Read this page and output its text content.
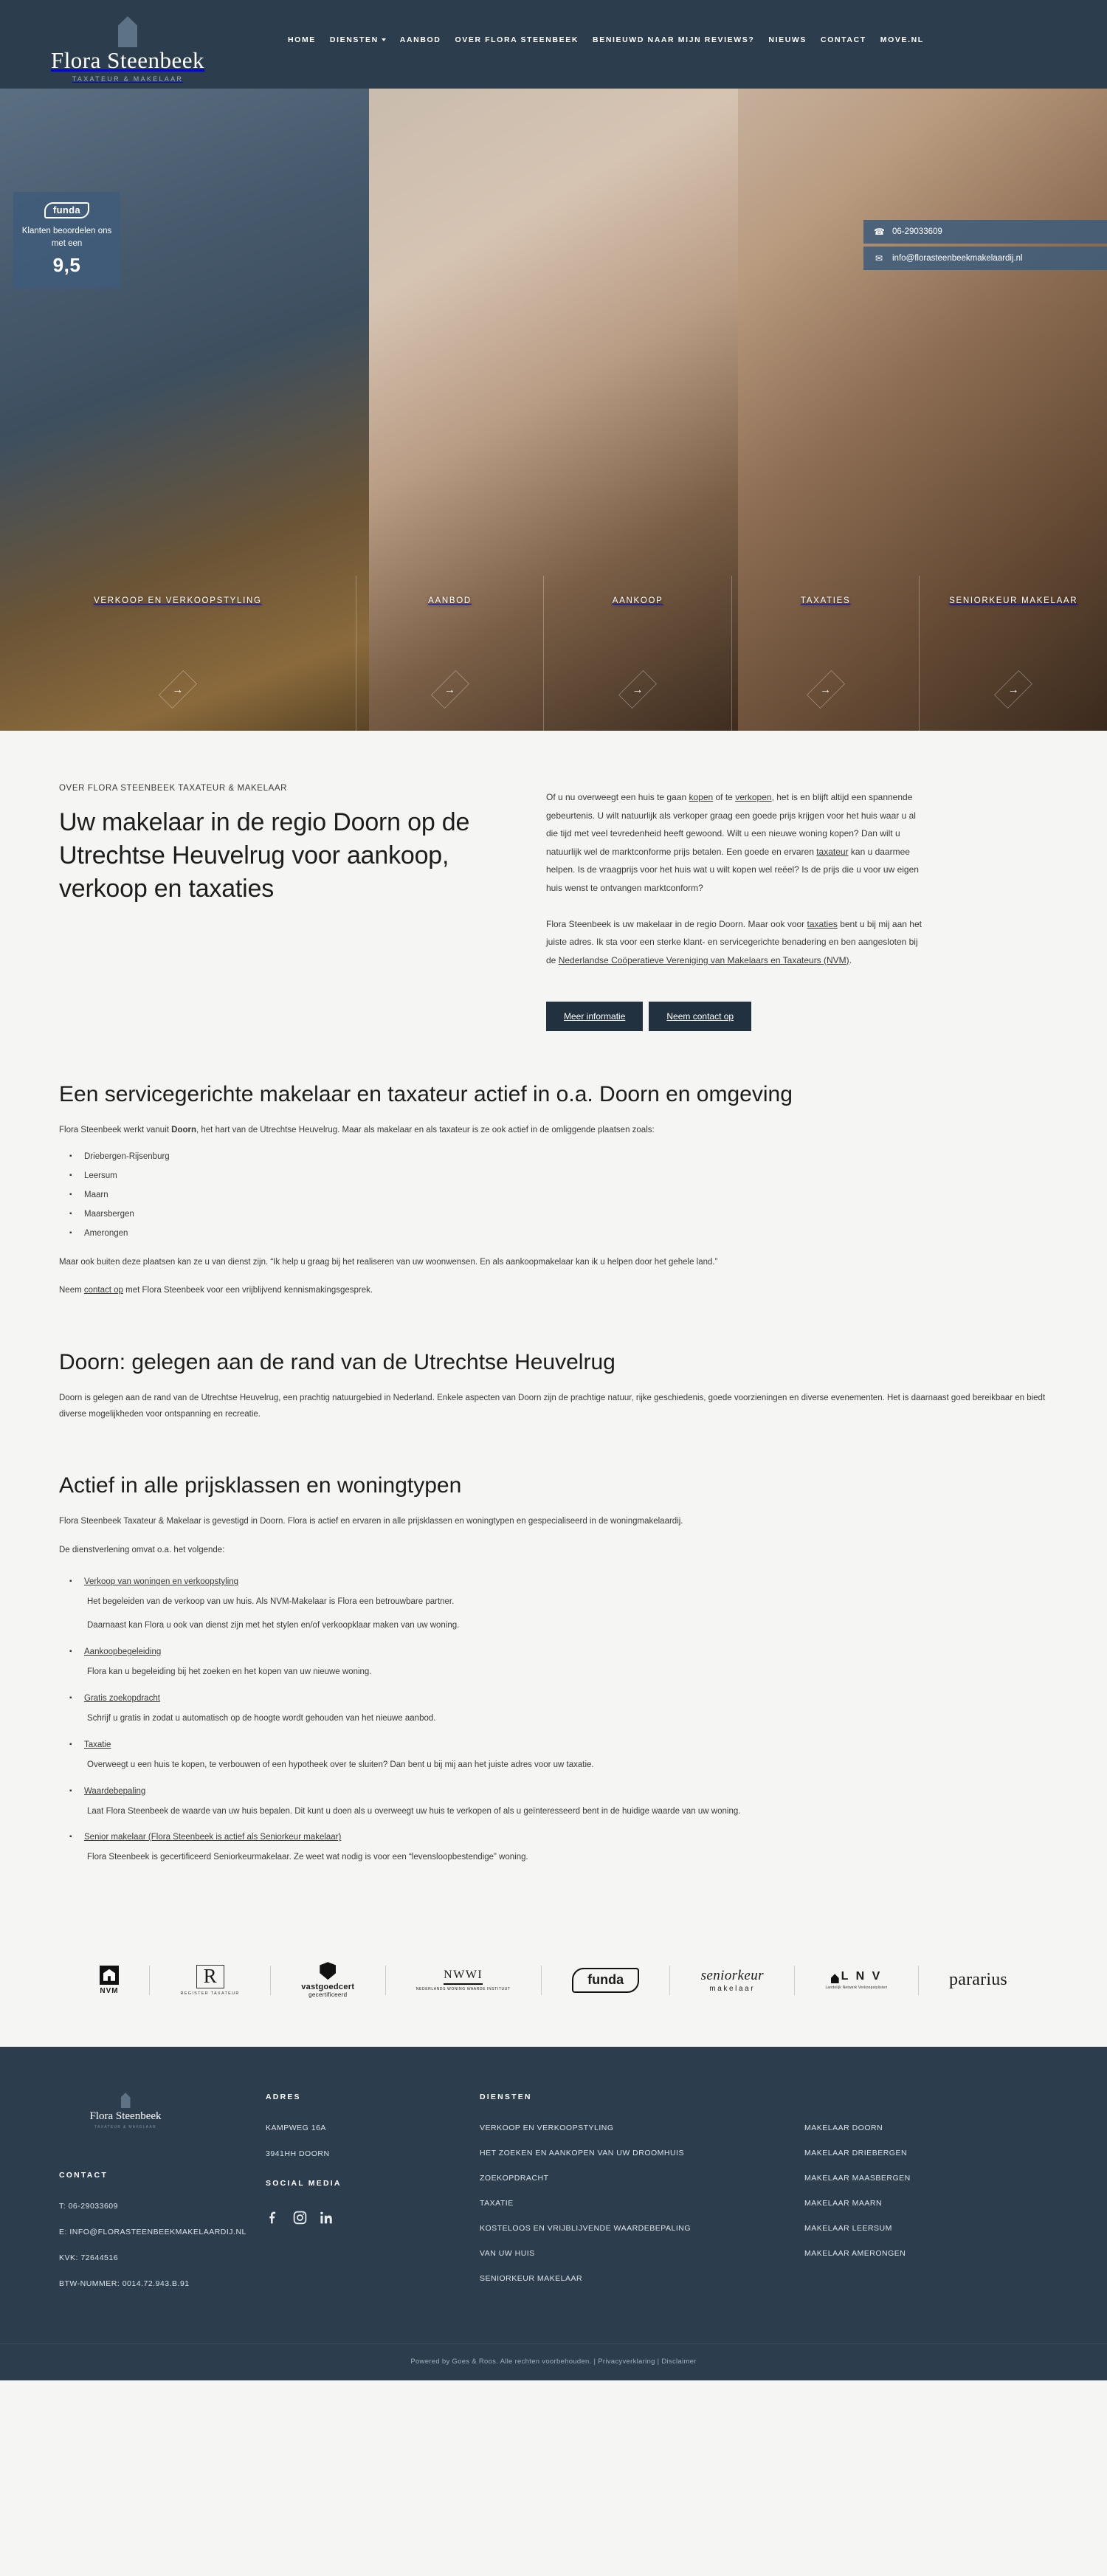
Flora Steenbeek
TAXATEUR & MAKELAAR
HOME DIENSTEN	AANBOD OVER FLORA STEENBEEK BENIEUWD NAAR MIJN REVIEWS? NIEUWS CONTACT MOVE.NL
funda
Klanten beoordelen ons met een
9,5
☎ 06-29033609
✉ info@florasteenbeekmakelaardij.nl
VERKOOP EN VERKOOPSTYLING
→
AANBOD
→
AANKOOP
→
TAXATIES
→
SENIORKEUR MAKELAAR
→
OVER FLORA STEENBEEK TAXATEUR & MAKELAAR
Uw makelaar in de regio Doorn op de Utrechtse Heuvelrug voor aankoop, verkoop en taxaties

Of u nu overweegt een huis te gaan kopen of te verkopen, het is en blijft altijd een spannende gebeurtenis. U wilt natuurlijk als verkoper graag een goede prijs krijgen voor het huis waar u al die tijd met veel tevredenheid heeft gewoond. Wilt u een nieuwe woning kopen? Dan wilt u natuurlijk wel de marktconforme prijs betalen. Een goede en ervaren taxateur kan u daarmee helpen. Is de vraagprijs voor het huis wat u wilt kopen wel reëel? Is de prijs die u voor uw eigen huis wenst te ontvangen marktconform?

Flora Steenbeek is uw makelaar in de regio Doorn. Maar ook voor taxaties bent u bij mij aan het juiste adres. Ik sta voor een sterke klant- en servicegerichte benadering en ben aangesloten bij de Nederlandse Coöperatieve Vereniging van Makelaars en Taxateurs (NVM).

Meer informatie	Neem contact op
Een servicegerichte makelaar en taxateur actief in o.a. Doorn en omgeving

Flora Steenbeek werkt vanuit Doorn, het hart van de Utrechtse Heuvelrug. Maar als makelaar en als taxateur is ze ook actief in de omliggende plaatsen zoals:

▪ Driebergen-Rijsenburg
▪ Leersum
▪ Maarn
▪ Maarsbergen
▪ Amerongen

Maar ook buiten deze plaatsen kan ze u van dienst zijn. “Ik help u graag bij het realiseren van uw woonwensen. En als aankoopmakelaar kan ik u helpen door het gehele land.”

Neem contact op met Flora Steenbeek voor een vrijblijvend kennismakingsgesprek.

Doorn: gelegen aan de rand van de Utrechtse Heuvelrug

Doorn is gelegen aan de rand van de Utrechtse Heuvelrug, een prachtig natuurgebied in Nederland. Enkele aspecten van Doorn zijn de prachtige natuur, rijke geschiedenis, goede voorzieningen en diverse evenementen. Het is daarnaast goed bereikbaar en biedt diverse mogelijkheden voor ontspanning en recreatie.

Actief in alle prijsklassen en woningtypen

Flora Steenbeek Taxateur & Makelaar is gevestigd in Doorn. Flora is actief en ervaren in alle prijsklassen en woningtypen en gespecialiseerd in de woningmakelaardij.

De dienstverlening omvat o.a. het volgende:

▪ Verkoop van woningen en verkoopstyling
Het begeleiden van de verkoop van uw huis. Als NVM-Makelaar is Flora een betrouwbare partner.
Daarnaast kan Flora u ook van dienst zijn met het stylen en/of verkoopklaar maken van uw woning.
▪ Aankoopbegeleiding
Flora kan u begeleiding bij het zoeken en het kopen van uw nieuwe woning.
▪ Gratis zoekopdracht
Schrijf u gratis in zodat u automatisch op de hoogte wordt gehouden van het nieuwe aanbod.
▪ Taxatie
Overweegt u een huis te kopen, te verbouwen of een hypotheek over te sluiten? Dan bent u bij mij aan het juiste adres voor uw taxatie.
▪ Waardebepaling
Laat Flora Steenbeek de waarde van uw huis bepalen. Dit kunt u doen als u overweegt uw huis te verkopen of als u geïnteresseerd bent in de huidige waarde van uw woning.
▪ Senior makelaar (Flora Steenbeek is actief als Seniorkeur makelaar)
Flora Steenbeek is gecertificeerd Seniorkeurmakelaar. Ze weet wat nodig is voor een “levensloopbestendige” woning.
NVM
R
REGISTER TAXATEUR
vastgoedcert
gecertificeerd
NWWI
NEDERLANDS WONING WAARDE INSTITUUT
funda	seniorkeur
makelaar
L N V
Landelijk Netwerk Verkoopstylisten	pararius
Flora Steenbeek
TAXATEUR & MAKELAAR
CONTACT
T: 06-29033609
E: INFO@FLORASTEENBEEKMAKELAARDIJ.NL
KVK: 72644516
BTW-NUMMER: 0014.72.943.B.91
ADRES
KAMPWEG 16A
3941HH DOORN
SOCIAL MEDIA
DIENSTEN
VERKOOP EN VERKOOPSTYLING
HET ZOEKEN EN AANKOPEN VAN UW DROOMHUIS
ZOEKOPDRACHT
TAXATIE
KOSTELOOS EN VRIJBLIJVENDE WAARDEBEPALING
VAN UW HUIS
SENIORKEUR MAKELAAR
MAKELAAR DOORN
MAKELAAR DRIEBERGEN
MAKELAAR MAASBERGEN
MAKELAAR MAARN
MAKELAAR LEERSUM
MAKELAAR AMERONGEN
Powered by Goes & Roos. Alle rechten voorbehouden. | Privacyverklaring | Disclaimer
